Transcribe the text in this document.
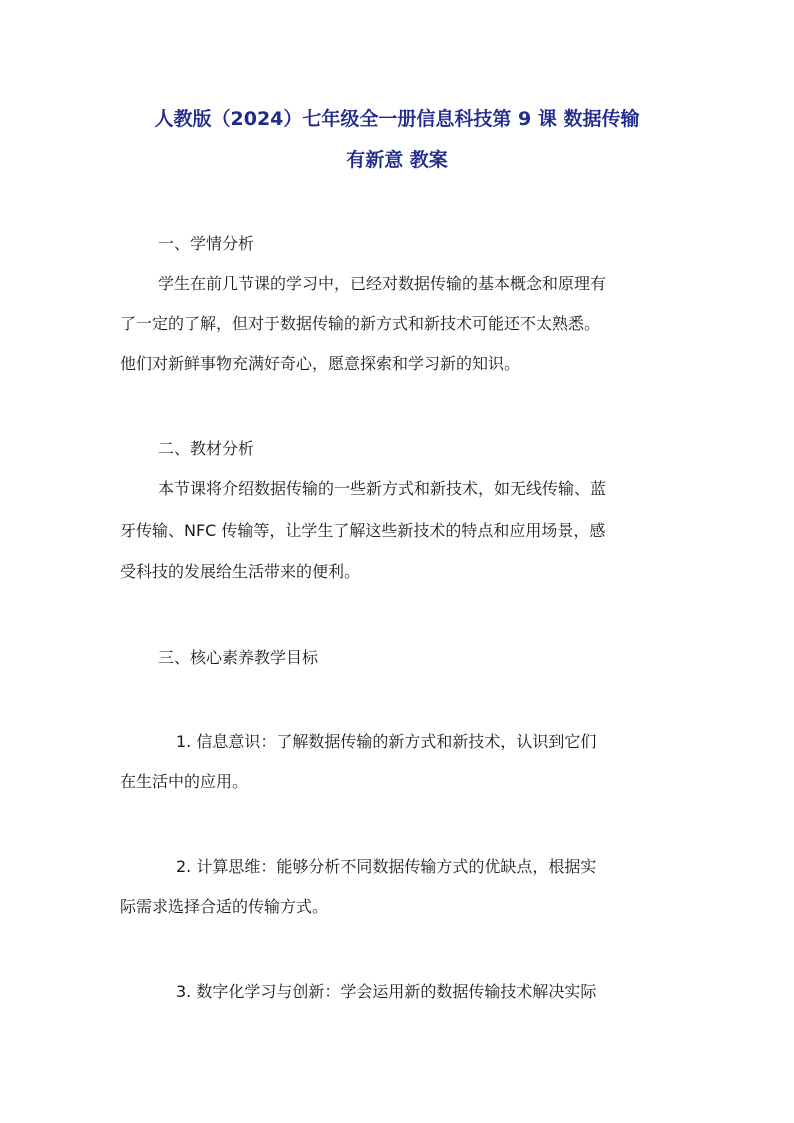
人教版（2024）七年级全一册信息科技第 9 课 数据传输
有新意 教案
一、学情分析
学生在前几节课的学习中，已经对数据传输的基本概念和原理有
了一定的了解，但对于数据传输的新方式和新技术可能还不太熟悉。
他们对新鲜事物充满好奇心，愿意探索和学习新的知识。
二、教材分析
本节课将介绍数据传输的一些新方式和新技术，如无线传输、蓝
牙传输、NFC 传输等，让学生了解这些新技术的特点和应用场景，感
受科技的发展给生活带来的便利。
三、核心素养教学目标
1. 信息意识：了解数据传输的新方式和新技术，认识到它们
在生活中的应用。
2. 计算思维：能够分析不同数据传输方式的优缺点，根据实
际需求选择合适的传输方式。
3. 数字化学习与创新：学会运用新的数据传输技术解决实际
